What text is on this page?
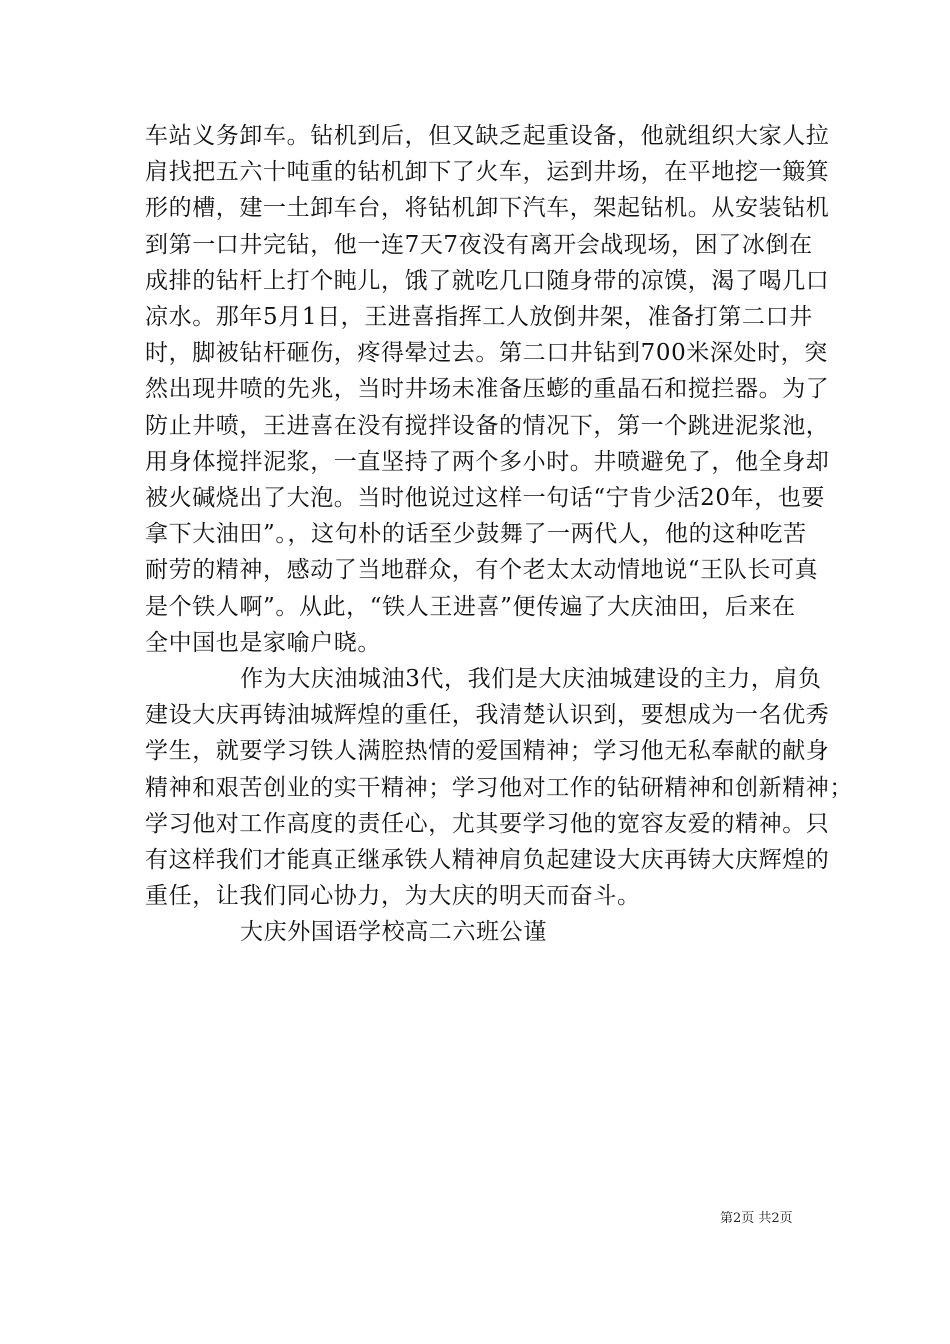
车站义务卸车。钻机到后，但又缺乏起重设备，他就组织大家人拉
肩找把五六十吨重的钻机卸下了火车，运到井场，在平地挖一簸箕
形的槽，建一土卸车台，将钻机卸下汽车，架起钻机。从安装钻机
到第一口井完钻，他一连7天7夜没有离开会战现场，困了冰倒在
成排的钻杆上打个盹儿，饿了就吃几口随身带的凉馍，渴了喝几口
凉水。那年5月1日，王进喜指挥工人放倒井架，准备打第二口井
时，脚被钻杆砸伤，疼得晕过去。第二口井钻到700米深处时，突
然出现井喷的先兆，当时井场未准备压蟛的重晶石和搅拦器。为了
防止井喷，王进喜在没有搅拌设备的情况下，第一个跳进泥浆池，
用身体搅拌泥浆，一直坚持了两个多小时。井喷避免了，他全身却
被火碱烧出了大泡。当时他说过这样一句话“宁肯少活20年，也要
拿下大油田”。，这句朴的话至少鼓舞了一两代人，他的这种吃苦
耐劳的精神，感动了当地群众，有个老太太动情地说“王队长可真
是个铁人啊”。从此，“铁人王进喜”便传遍了大庆油田，后来在
全中国也是家喻户晓。
作为大庆油城油3代，我们是大庆油城建设的主力，肩负
建设大庆再铸油城辉煌的重任，我清楚认识到，要想成为一名优秀
学生，就要学习铁人满腔热情的爱国精神；学习他无私奉献的献身
精神和艰苦创业的实干精神；学习他对工作的钻研精神和创新精神；
学习他对工作高度的责任心，尤其要学习他的宽容友爱的精神。只
有这样我们才能真正继承铁人精神肩负起建设大庆再铸大庆辉煌的
重任，让我们同心协力，为大庆的明天而奋斗。
大庆外国语学校高二六班公谨
第2页 共2页
